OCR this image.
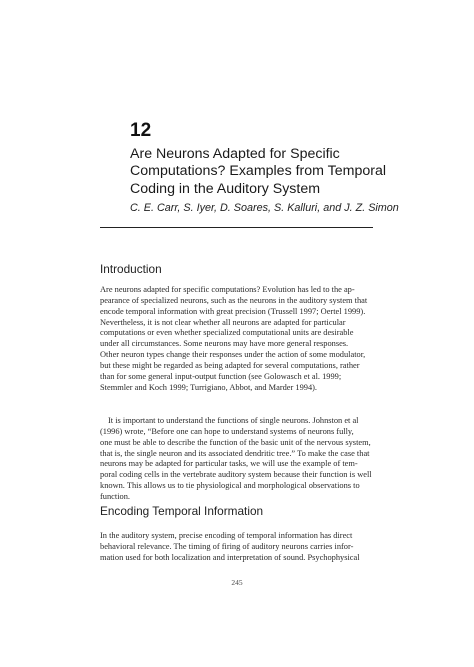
12
Are Neurons Adapted for Specific
Computations? Examples from Temporal
Coding in the Auditory System
C. E. Carr, S. Iyer, D. Soares, S. Kalluri, and J. Z. Simon
Introduction
Are neurons adapted for specific computations? Evolution has led to the ap-
pearance of specialized neurons, such as the neurons in the auditory system that
encode temporal information with great precision (Trussell 1997; Oertel 1999).
Nevertheless, it is not clear whether all neurons are adapted for particular
computations or even whether specialized computational units are desirable
under all circumstances. Some neurons may have more general responses.
Other neuron types change their responses under the action of some modulator,
but these might be regarded as being adapted for several computations, rather
than for some general input-output function (see Golowasch et al. 1999;
Stemmler and Koch 1999; Turrigiano, Abbot, and Marder 1994).
It is important to understand the functions of single neurons. Johnston et al
(1996) wrote, “Before one can hope to understand systems of neurons fully,
one must be able to describe the function of the basic unit of the nervous system,
that is, the single neuron and its associated dendritic tree.” To make the case that
neurons may be adapted for particular tasks, we will use the example of tem-
poral coding cells in the vertebrate auditory system because their function is well
known. This allows us to tie physiological and morphological observations to
function.
Encoding Temporal Information
In the auditory system, precise encoding of temporal information has direct
behavioral relevance. The timing of firing of auditory neurons carries infor-
mation used for both localization and interpretation of sound. Psychophysical
245
